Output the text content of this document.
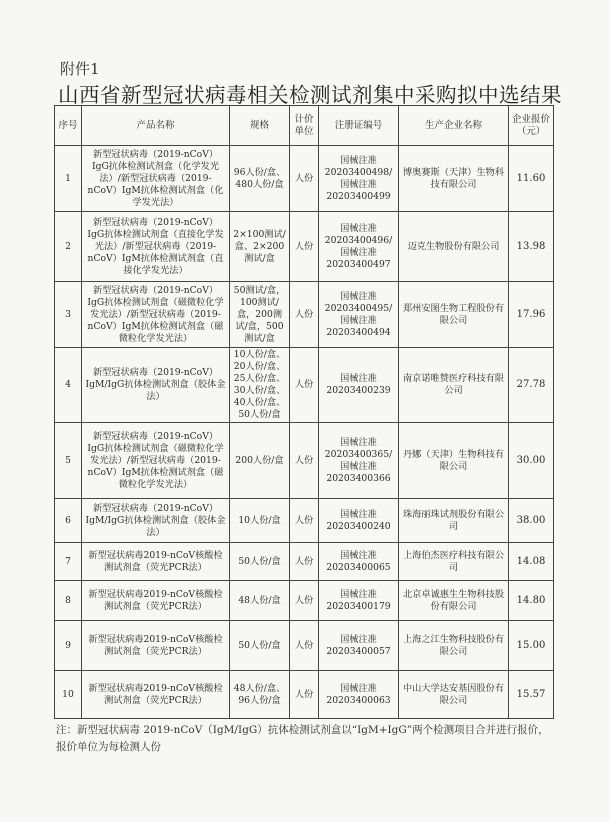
附件1
山西省新型冠状病毒相关检测试剂集中采购拟中选结果
序号	产品名称	规格	计价单位	注册证编号	生产企业名称	企业报价（元）
1	新型冠状病毒（2019-nCoV）IgG抗体检测试剂盒（化学发光法）/新型冠状病毒（2019-nCoV）IgM抗体检测试剂盒（化学发光法）	96人份/盒、480人份/盒	人份	国械注准20203400498/国械注准20203400499	博奥赛斯（天津）生物科技有限公司	11.60
2	新型冠状病毒（2019-nCoV）IgG抗体检测试剂盒（直接化学发光法）/新型冠状病毒（2019-nCoV）IgM抗体检测试剂盒（直接化学发光法）	2×100测试/盒、2×200测试/盒	人份	国械注准20203400496/国械注准20203400497	迈克生物股份有限公司	13.98
3	新型冠状病毒（2019-nCoV）IgG抗体检测试剂盒（磁微粒化学发光法）/新型冠状病毒（2019-nCoV）IgM抗体检测试剂盒（磁微粒化学发光法）	50测试/盒，100测试/盒，200测试/盒，500测试/盒	人份	国械注准20203400495/国械注准20203400494	郑州安图生物工程股份有限公司	17.96
4	新型冠状病毒（2019-nCoV）IgM/IgG抗体检测试剂盒（胶体金法）	10人份/盒、20人份/盒、25人份/盒、30人份/盒、40人份/盒、50人份/盒	人份	国械注准20203400239	南京诺唯赞医疗科技有限公司	27.78
5	新型冠状病毒（2019-nCoV）IgG抗体检测试剂盒（磁微粒化学发光法）/新型冠状病毒（2019-nCoV）IgM抗体检测试剂盒（磁微粒化学发光法）	200人份/盒	人份	国械注准20203400365/国械注准20203400366	丹娜（天津）生物科技有限公司	30.00
6	新型冠状病毒（2019-nCoV）IgM/IgG抗体检测试剂盒（胶体金法）	10人份/盒	人份	国械注准20203400240	珠海丽珠试剂股份有限公司	38.00
7	新型冠状病毒2019-nCoV核酸检测试剂盒（荧光PCR法）	50人份/盒	人份	国械注准20203400065	上海伯杰医疗科技有限公司	14.08
8	新型冠状病毒2019-nCoV核酸检测试剂盒（荧光PCR法）	48人份/盒	人份	国械注准20203400179	北京卓诚惠生生物科技股份有限公司	14.80
9	新型冠状病毒2019-nCoV核酸检测试剂盒（荧光PCR法）	50人份/盒	人份	国械注准20203400057	上海之江生物科技股份有限公司	15.00
10	新型冠状病毒2019-nCoV核酸检测试剂盒（荧光PCR法）	48人份/盒、96人份/盒	人份	国械注准20203400063	中山大学达安基因股份有限公司	15.57
注：新型冠状病毒 2019-nCoV（IgM/IgG）抗体检测试剂盒以“IgM+IgG”两个检测项目合并进行报价，报价单位为每检测人份
